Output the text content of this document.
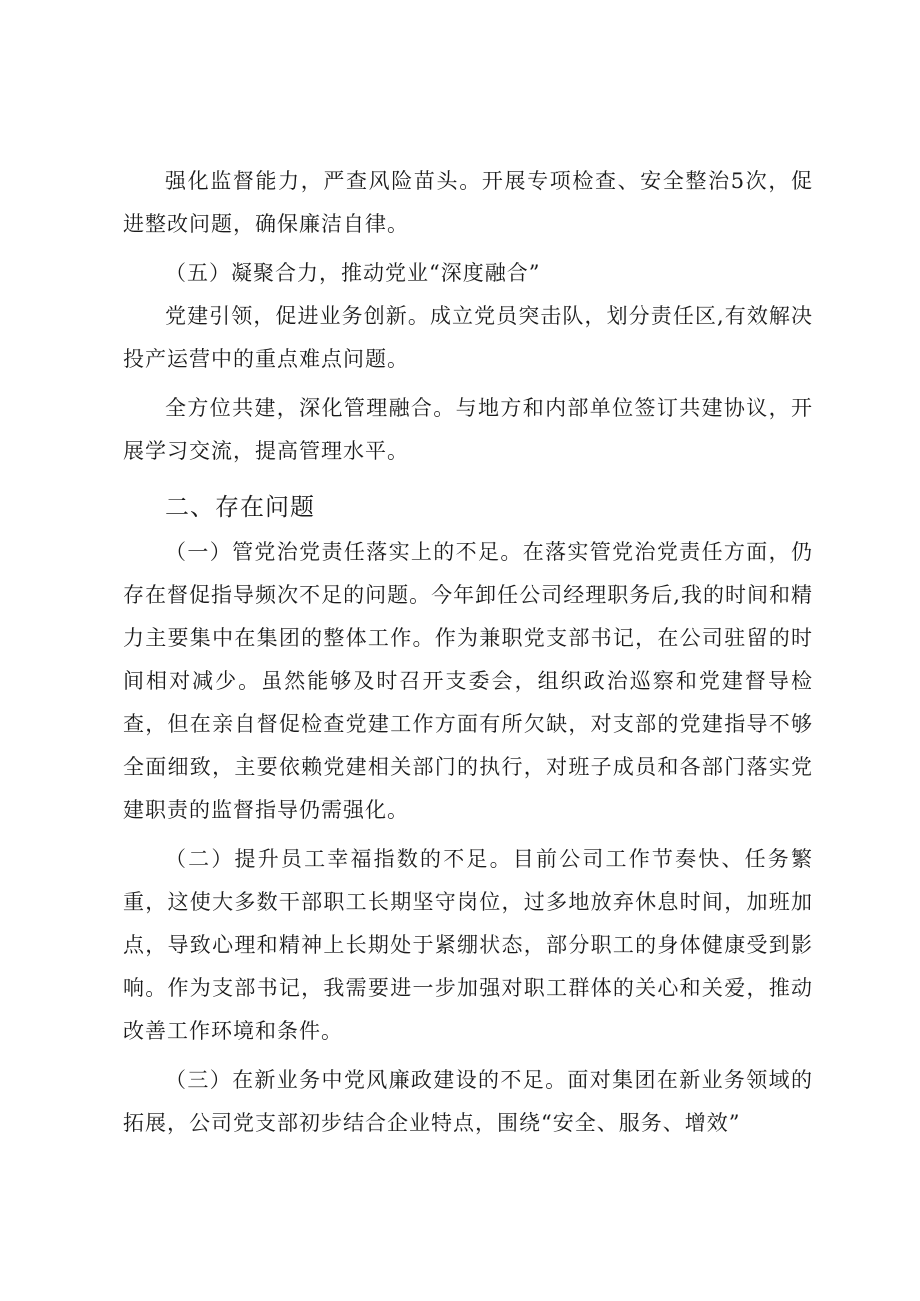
强化监督能力，严查风险苗头。开展专项检查、安全整治5次，促进整改问题，确保廉洁自律。

（五）凝聚合力，推动党业“深度融合”

党建引领，促进业务创新。成立党员突击队，划分责任区,有效解决投产运营中的重点难点问题。

全方位共建，深化管理融合。与地方和内部单位签订共建协议，开展学习交流，提高管理水平。

二、存在问题

（一）管党治党责任落实上的不足。在落实管党治党责任方面，仍存在督促指导频次不足的问题。今年卸任公司经理职务后,我的时间和精力主要集中在集团的整体工作。作为兼职党支部书记，在公司驻留的时间相对减少。虽然能够及时召开支委会，组织政治巡察和党建督导检查，但在亲自督促检查党建工作方面有所欠缺，对支部的党建指导不够全面细致，主要依赖党建相关部门的执行，对班子成员和各部门落实党建职责的监督指导仍需强化。

（二）提升员工幸福指数的不足。目前公司工作节奏快、任务繁重，这使大多数干部职工长期坚守岗位，过多地放弃休息时间，加班加点，导致心理和精神上长期处于紧绷状态，部分职工的身体健康受到影响。作为支部书记，我需要进一步加强对职工群体的关心和关爱，推动改善工作环境和条件。

（三）在新业务中党风廉政建设的不足。面对集团在新业务领域的拓展，公司党支部初步结合企业特点，围绕“安全、服务、增效”
